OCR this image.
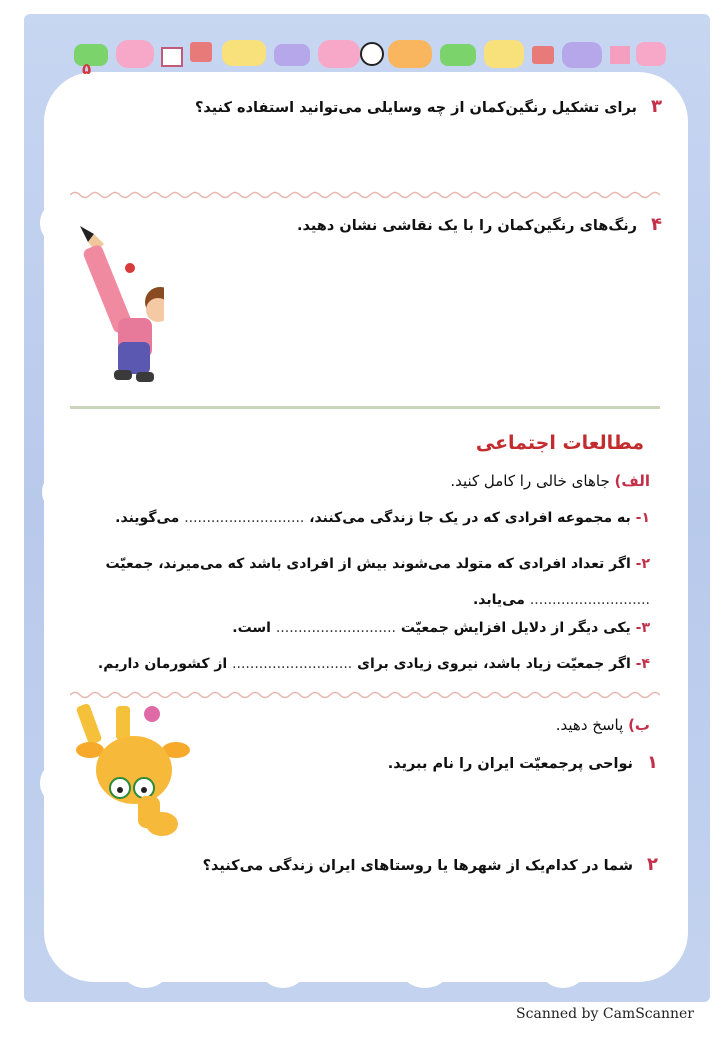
۵
۳برای تشکیل رنگین‌کمان از چه وسایلی می‌توانید استفاده کنید؟
۴رنگ‌های رنگین‌کمان را با یک نقاشی نشان دهید.
مطالعات اجتماعی
الف) جاهای خالی را کامل کنید.
۱- به مجموعه افرادی که در یک جا زندگی می‌کنند، ........................... می‌گویند.
۲- اگر تعداد افرادی که متولد می‌شوند بیش از افرادی باشد که می‌میرند، جمعیّت ........................... می‌یابد.
۳- یکی دیگر از دلایل افزایش جمعیّت ........................... است.
۴- اگر جمعیّت زیاد باشد، نیروی زیادی برای ........................... از کشورمان داریم.
ب) پاسخ دهید.
۱نواحی پرجمعیّت ایران را نام ببرید.
۲شما در کدام‌یک از شهرها یا روستاهای ایران زندگی می‌کنید؟
Scanned by CamScanner
